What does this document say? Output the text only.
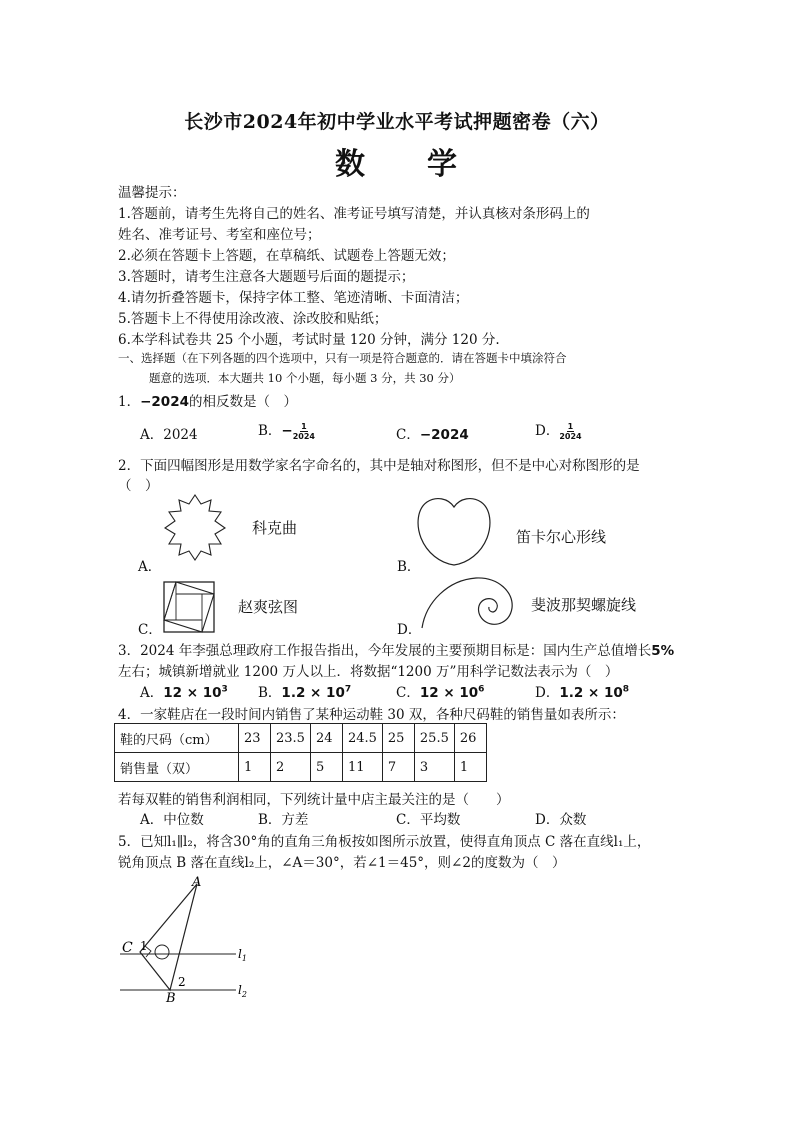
长沙市2024年初中学业水平考试押题密卷（六）
数 学
温馨提示：
1.答题前，请考生先将自己的姓名、准考证号填写清楚，并认真核对条形码上的
姓名、准考证号、考室和座位号；
2.必须在答题卡上答题，在草稿纸、试题卷上答题无效；
3.答题时，请考生注意各大题题号后面的题提示；
4.请勿折叠答题卡，保持字体工整、笔迹清晰、卡面清洁；
5.答题卡上不得使用涂改液、涂改胶和贴纸；
6.本学科试卷共 25 个小题，考试时量 120 分钟，满分 120 分.
一、选择题（在下列各题的四个选项中，只有一项是符合题意的．请在答题卡中填涂符合
题意的选项．本大题共 10 个小题，每小题 3 分，共 30 分）
1．−2024的相反数是（　）
A．2024	B．− $\frac{1}{2024}$	C．−2024	D． $\frac{1}{2024}$
2．下面四幅图形是用数学家名字命名的，其中是轴对称图形，但不是中心对称图形的是
（　）
A．
科克曲
B．
笛卡尔心形线
C．
赵爽弦图
D．
斐波那契螺旋线
3．2024 年李强总理政府工作报告指出，今年发展的主要预期目标是：国内生产总值增长5%
左右；城镇新增就业 1200 万人以上．将数据“1200 万”用科学记数法表示为（　）
A．$12 \times 10^3$ B．$1.2 \times 10^7$	C．$12 \times 10^6$	D．$1.2 \times 10^8$
4．一家鞋店在一段时间内销售了某种运动鞋 30 双，各种尺码鞋的销售量如表所示：
鞋的尺码（cm）	23	23.5	24	24.5	25	25.5	26
销售量（双）	1	2	5	11	7	3	1
若每双鞋的销售利润相同，下列统计量中店主最关注的是（　　）
A．中位数	B．方差	C．平均数	D．众数
5．已知l₁∥l₂，将含30°角的直角三角板按如图所示放置，使得直角顶点 C 落在直线l₁上，
锐角顶点 B 落在直线l₂上，∠A＝30°，若∠1＝45°，则∠2的度数为（　）
A
C
B
1
2
$l_1$
$l_2$
